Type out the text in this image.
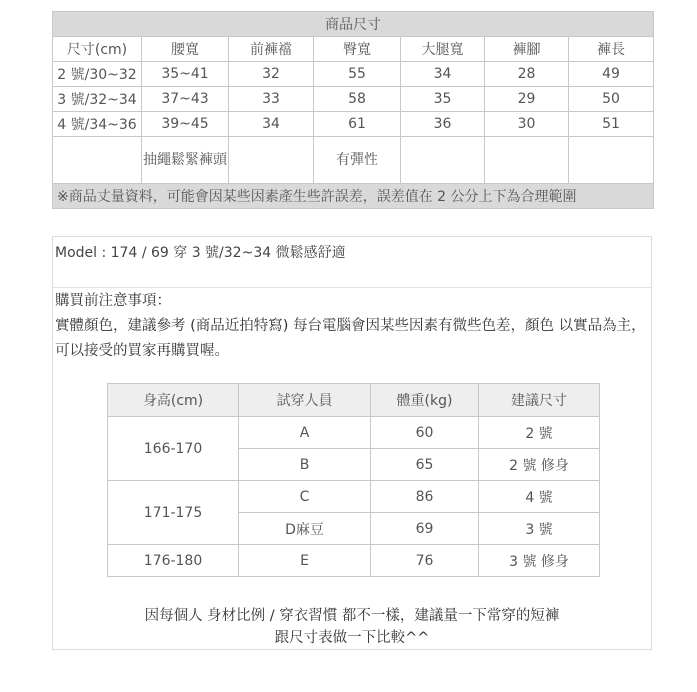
商品尺寸						
尺寸(cm)	腰寬	前褲襠	臀寬	大腿寬	褲腳	褲長
2 號/30~32	35~41	32	55	34	28	49
3 號/32~34	37~43	33	58	35	29	50
4 號/34~36	39~45	34	61	36	30	51
	抽繩鬆緊褲頭		有彈性			
※商品丈量資料，可能會因某些因素產生些許誤差，誤差值在 2 公分上下為合理範圍						
Model : 174 / 69 穿 3 號/32~34 微鬆感舒適
購買前注意事項：
實體顏色，建議參考 (商品近拍特寫) 每台電腦會因某些因素有微些色差，顏色 以實品為主，可以接受的買家再購買喔。
身高(cm)	試穿人員	體重(kg)	建議尺寸
166-170	A	60	2 號
	B	65	2 號 修身
171-175	C	86	4 號
	D麻豆	69	3 號
176-180	E	76	3 號 修身
因每個人 身材比例 / 穿衣習慣 都不一樣，建議量一下常穿的短褲
跟尺寸表做一下比較^^
